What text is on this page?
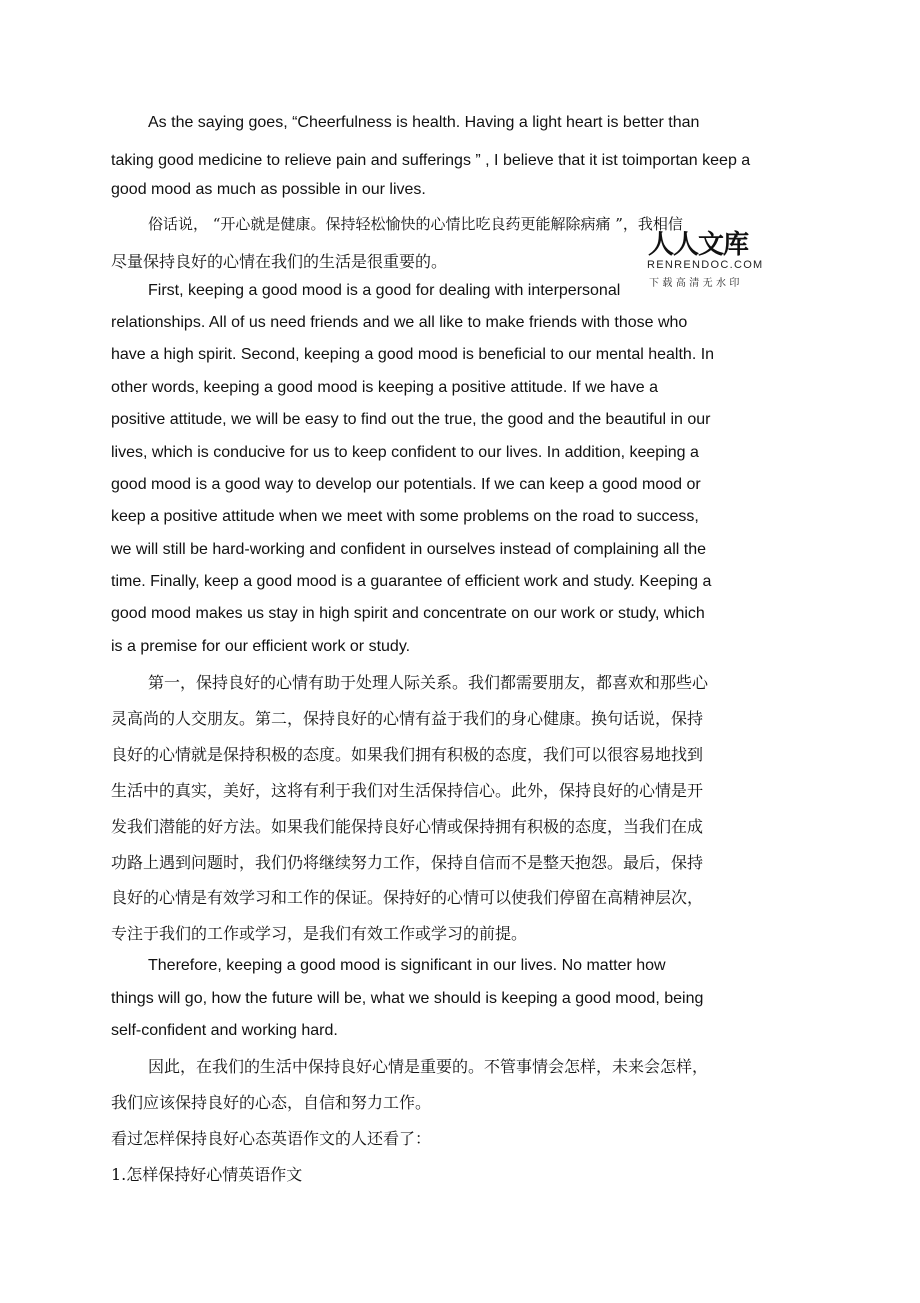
As the saying goes, “Cheerfulness is health. Having a light heart is better than
taking good medicine to relieve pain and sufferings ” , I believe that it ist toimportan keep a
good mood as much as possible in our lives.
俗话说， “开心就是健康。保持轻松愉快的心情比吃良药更能解除病痛 ”，我相信
尽量保持良好的心情在我们的生活是很重要的。
人人文库
RENRENDOC.COM
下载高清无水印
First, keeping a good mood is a good for dealing with interpersonal
relationships. All of us need friends and we all like to make friends with those who
have a high spirit. Second, keeping a good mood is beneficial to our mental health. In
other words, keeping a good mood is keeping a positive attitude. If we have a
positive attitude, we will be easy to find out the true, the good and the beautiful in our
lives, which is conducive for us to keep confident to our lives. In addition, keeping a
good mood is a good way to develop our potentials. If we can keep a good mood or
keep a positive attitude when we meet with some problems on the road to success,
we will still be hard-working and confident in ourselves instead of complaining all the
time. Finally, keep a good mood is a guarantee of efficient work and study. Keeping a
good mood makes us stay in high spirit and concentrate on our work or study, which
is a premise for our efficient work or study.
第一，保持良好的心情有助于处理人际关系。我们都需要朋友，都喜欢和那些心
灵高尚的人交朋友。第二，保持良好的心情有益于我们的身心健康。换句话说，保持
良好的心情就是保持积极的态度。如果我们拥有积极的态度，我们可以很容易地找到
生活中的真实，美好，这将有利于我们对生活保持信心。此外，保持良好的心情是开
发我们潜能的好方法。如果我们能保持良好心情或保持拥有积极的态度，当我们在成
功路上遇到问题时，我们仍将继续努力工作，保持自信而不是整天抱怨。最后，保持
良好的心情是有效学习和工作的保证。保持好的心情可以使我们停留在高精神层次，
专注于我们的工作或学习，是我们有效工作或学习的前提。
Therefore, keeping a good mood is significant in our lives. No matter how
things will go, how the future will be, what we should is keeping a good mood, being
self-confident and working hard.
因此，在我们的生活中保持良好心情是重要的。不管事情会怎样，未来会怎样，
我们应该保持良好的心态，自信和努力工作。
看过怎样保持良好心态英语作文的人还看了：
1.怎样保持好心情英语作文
